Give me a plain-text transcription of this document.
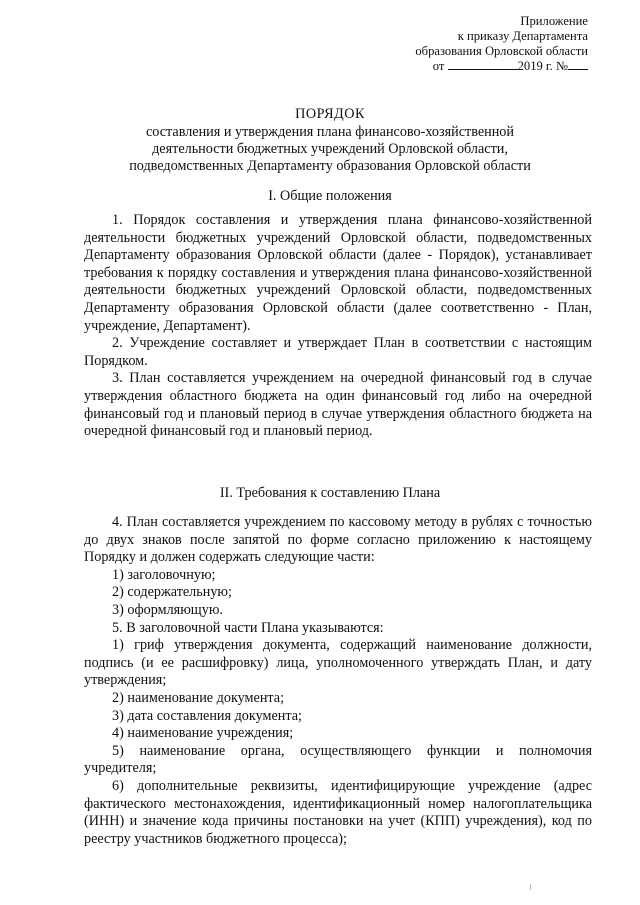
Приложение
к приказу Департамента
образования Орловской области
от	2019 г. №
ПОРЯДОК
составления и утверждения плана финансово-хозяйственной
деятельности бюджетных учреждений Орловской области,
подведомственных Департаменту образования Орловской области
I. Общие положения

1. Порядок составления и утверждения плана финансово-хозяйственной деятельности бюджетных учреждений Орловской области, подведомственных Департаменту образования Орловской области (далее - Порядок), устанавливает требования к порядку составления и утверждения плана финансово-хозяйственной деятельности бюджетных учреждений Орловской области, подведомственных Департаменту образования Орловской области (далее соответственно - План, учреждение, Департамент).

2. Учреждение составляет и утверждает План в соответствии с настоящим Порядком.

3. План составляется учреждением на очередной финансовый год в случае утверждения областного бюджета на один финансовый год либо на очередной финансовый год и плановый период в случае утверждения областного бюджета на очередной финансовый год и плановый период.

II. Требования к составлению Плана

4. План составляется учреждением по кассовому методу в рублях с точностью до двух знаков после запятой по форме согласно приложению к настоящему Порядку и должен содержать следующие части:

1) заголовочную;

2) содержательную;

3) оформляющую.

5. В заголовочной части Плана указываются:

1) гриф утверждения документа, содержащий наименование должности, подпись (и ее расшифровку) лица, уполномоченного утверждать План, и дату утверждения;

2) наименование документа;

3) дата составления документа;

4) наименование учреждения;

5) наименование органа, осуществляющего функции и полномочия учредителя;

6) дополнительные реквизиты, идентифицирующие учреждение (адрес фактического местонахождения, идентификационный номер налогоплательщика (ИНН) и значение кода причины постановки на учет (КПП) учреждения), код по реестру участников бюджетного процесса);
